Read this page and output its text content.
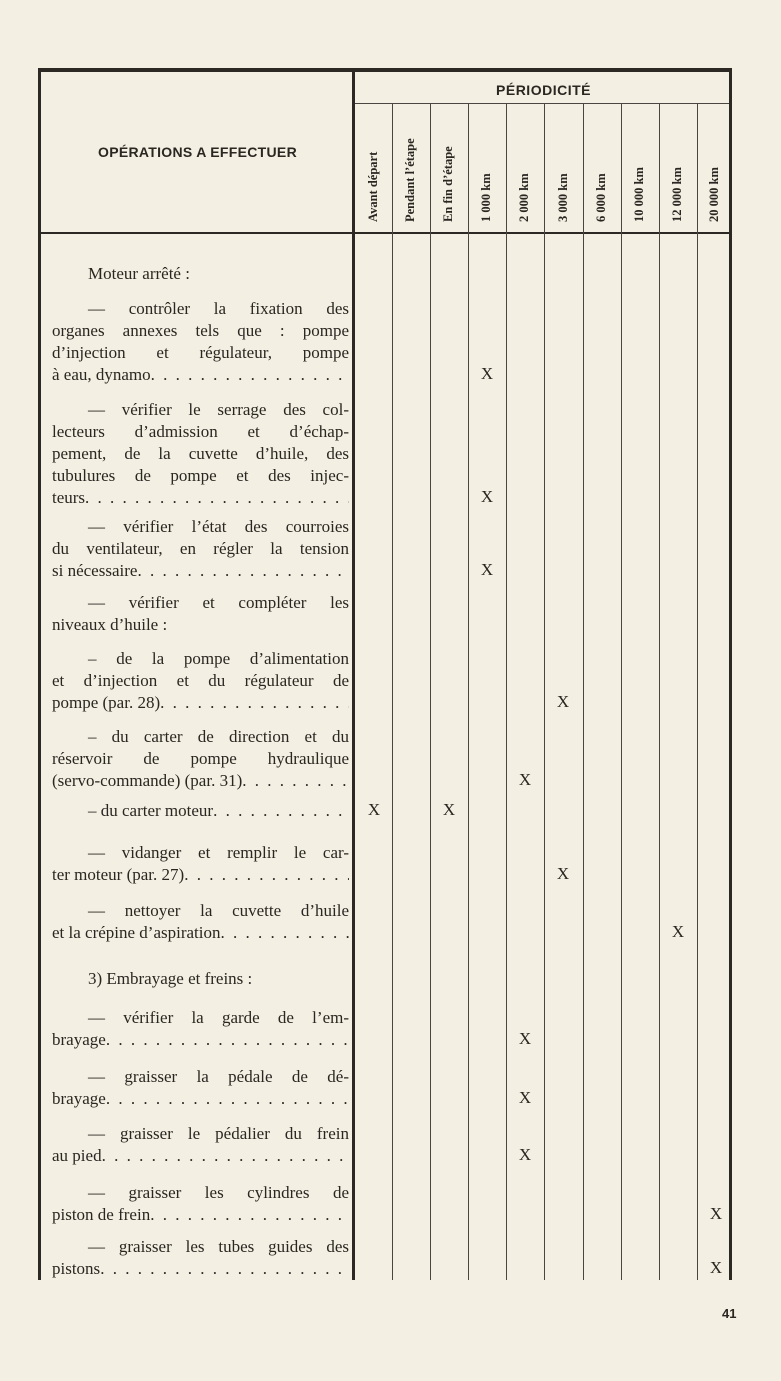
PÉRIODICITÉ
OPÉRATIONS A EFFECTUER	Avant départ Pendant l’étape En fin d’étape 1 000 km 2 000 km 3 000 km 6 000 km 10 000 km 12 000 km 20 000 km
Moteur arrêté :
— contrôler la fixation des
organes annexes tels que : pompe
d’injection et régulateur, pompe
à eau, dynamo
. . .
— vérifier le serrage des col-
lecteurs d’admission et d’échap-
pement, de la cuvette d’huile, des
tubulures de pompe et des injec-
teurs
. . .
— vérifier l’état des courroies
du ventilateur, en régler la tension
si nécessaire
. . .
— vérifier et compléter les
niveaux d’huile :
– de la pompe d’alimentation
et d’injection et du régulateur de
pompe (par. 28)
. . .
– du carter de direction et du
réservoir de pompe hydraulique
(servo-commande) (par. 31)
. . .
– du carter moteur
. . .
— vidanger et remplir le car-
ter moteur (par. 27)
. . .
— nettoyer la cuvette d’huile
et la crépine d’aspiration
. . .
3) Embrayage et freins :
— vérifier la garde de l’em-
brayage
. . .
— graisser la pédale de dé-
brayage
. . .
— graisser le pédalier du frein
au pied
. . .
— graisser les cylindres de
piston de frein
. . .
— graisser les tubes guides des
pistons
. . .
X
X
X
X
X
X	X
X
X
X
X
X
X
X
41
